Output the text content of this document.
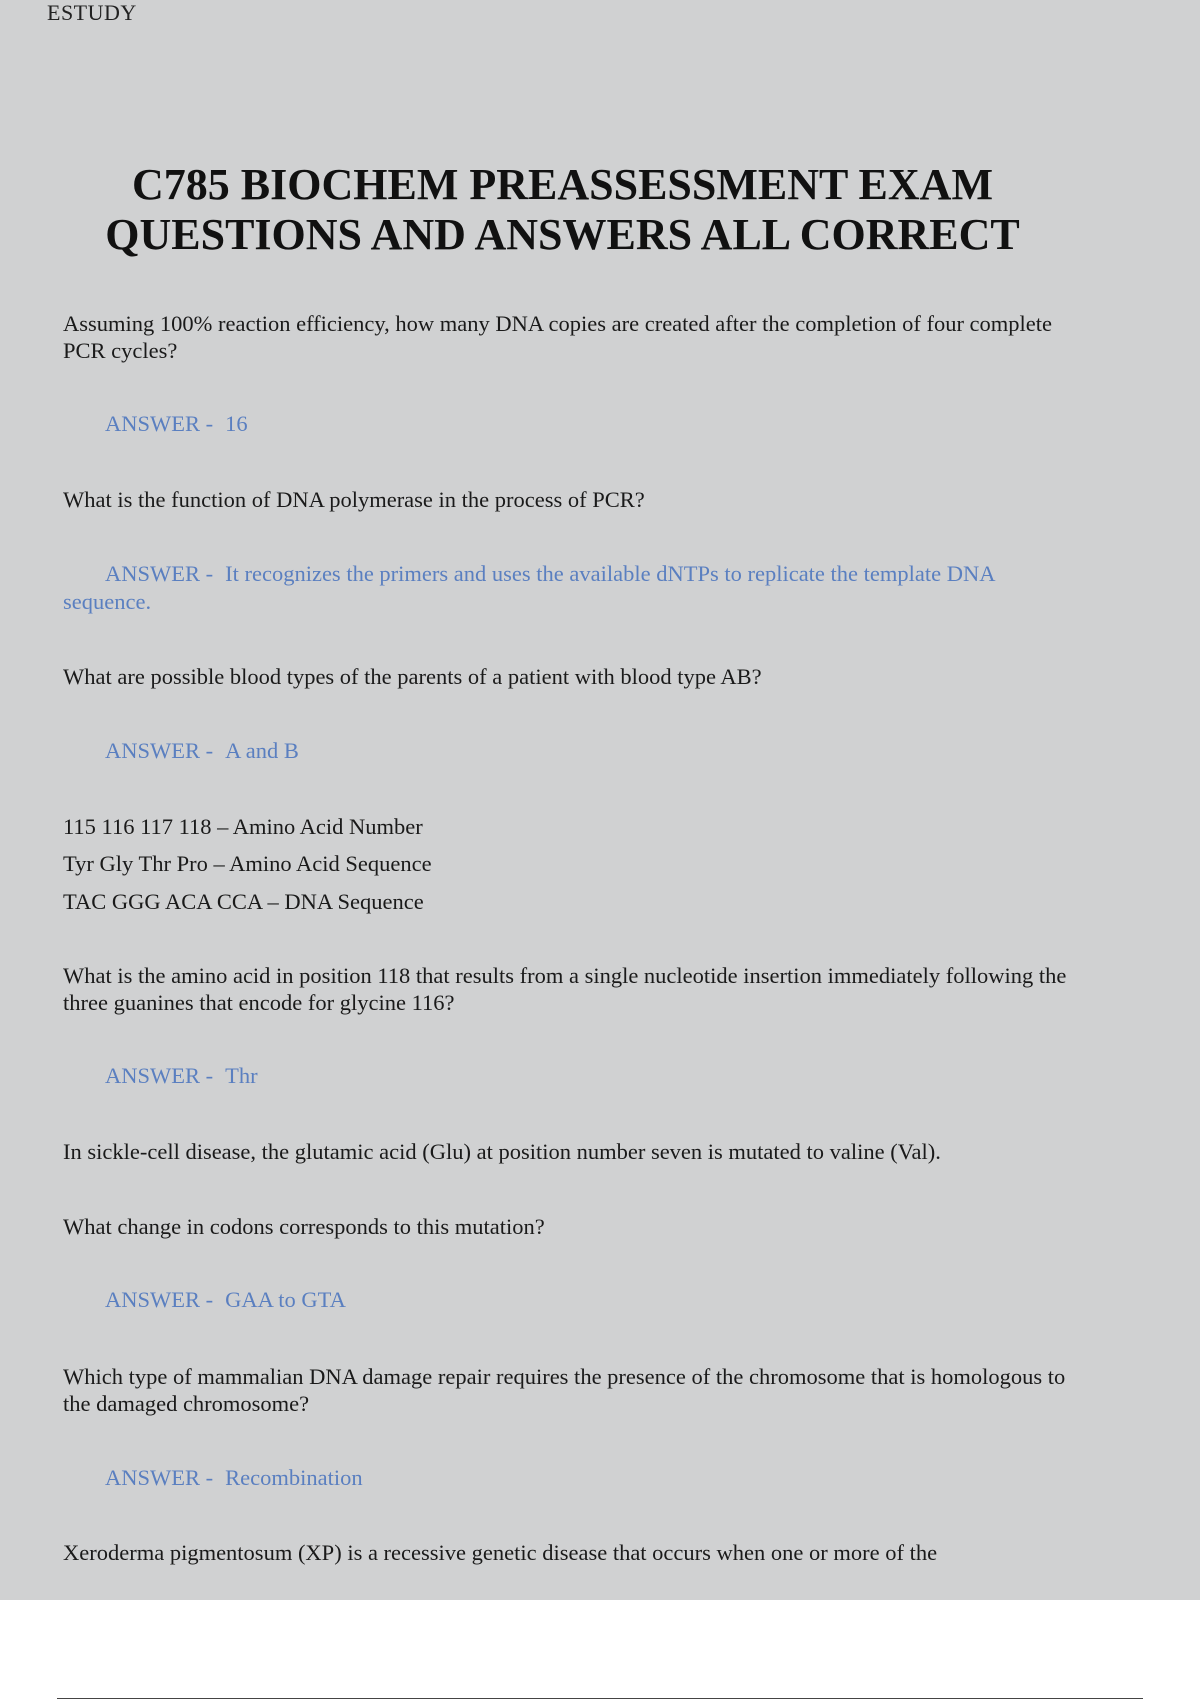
ESTUDY
C785 BIOCHEM PREASSESSMENT EXAM
QUESTIONS AND ANSWERS ALL CORRECT

Assuming 100% reaction efficiency, how many DNA copies are created after the completion of four complete PCR cycles?

ANSWER - 16

What is the function of DNA polymerase in the process of PCR?

ANSWER - It recognizes the primers and uses the available dNTPs to replicate the template DNA sequence.

What are possible blood types of the parents of a patient with blood type AB?

ANSWER - A and B

115 116 117 118 – Amino Acid Number

Tyr Gly Thr Pro – Amino Acid Sequence

TAC GGG ACA CCA – DNA Sequence

What is the amino acid in position 118 that results from a single nucleotide insertion immediately following the three guanines that encode for glycine 116?

ANSWER - Thr

In sickle-cell disease, the glutamic acid (Glu) at position number seven is mutated to valine (Val).

What change in codons corresponds to this mutation?

ANSWER - GAA to GTA

Which type of mammalian DNA damage repair requires the presence of the chromosome that is homologous to the damaged chromosome?

ANSWER - Recombination

Xeroderma pigmentosum (XP) is a recessive genetic disease that occurs when one or more of the
